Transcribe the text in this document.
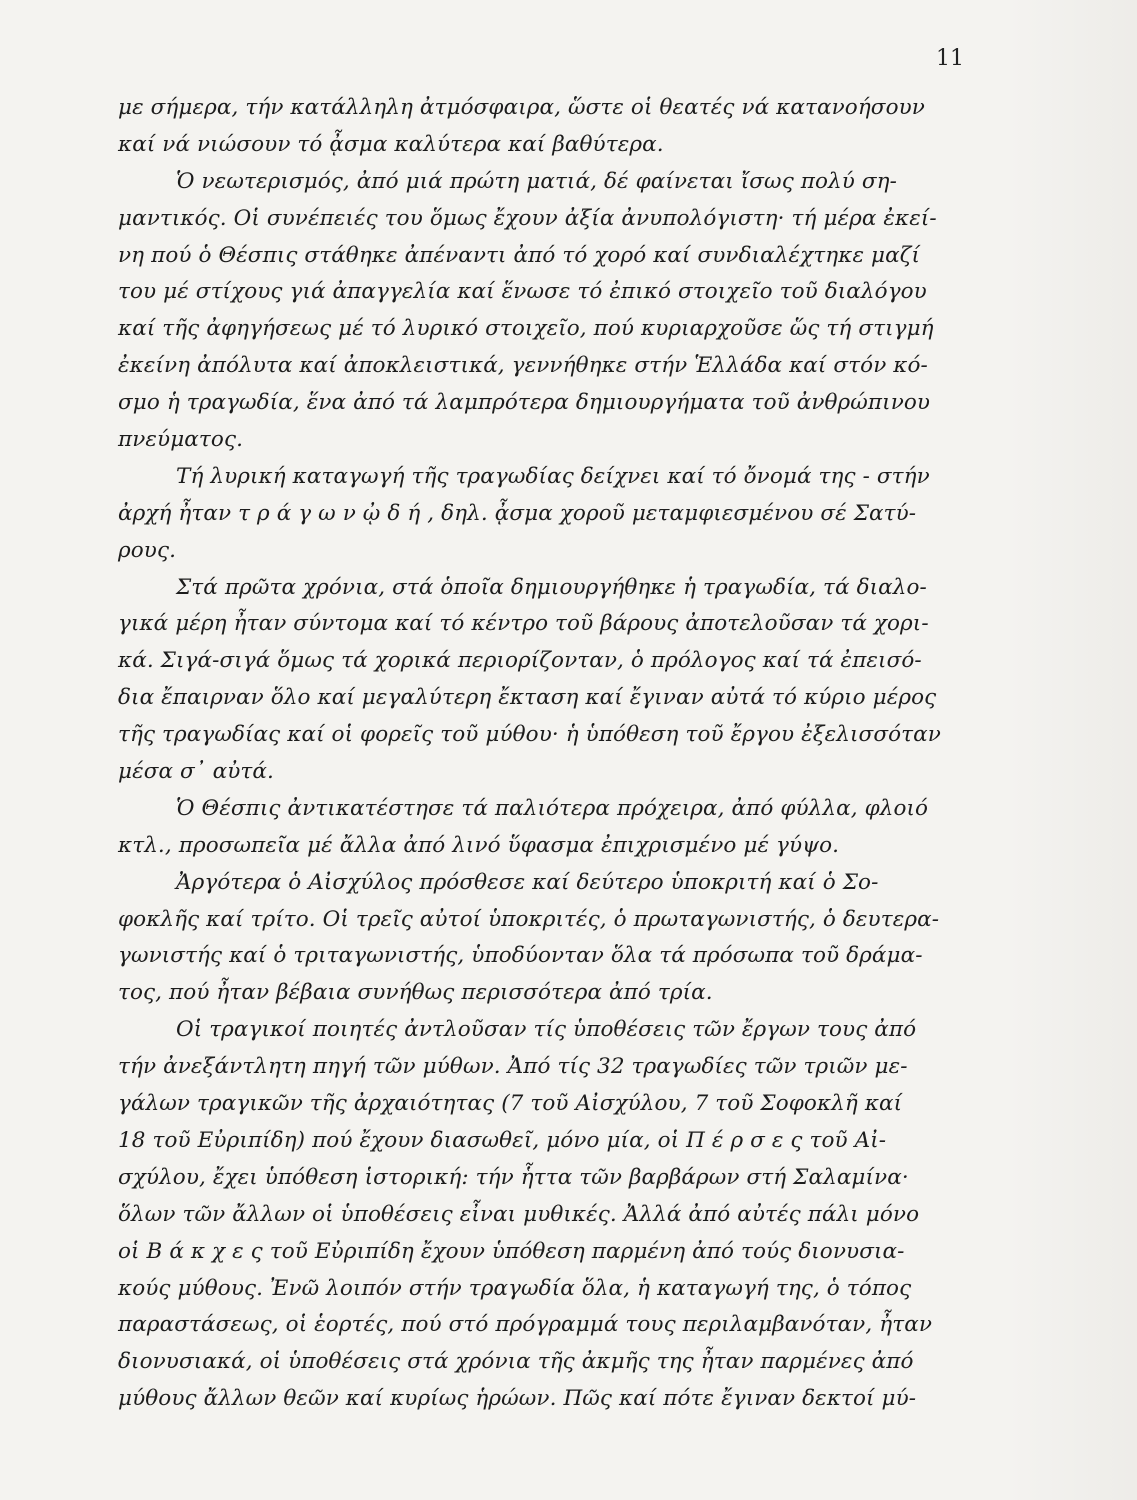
11
με σήμερα, τήν κατάλληλη ἀτμόσφαιρα, ὥστε οἱ θεατές νά κατανοήσουν
καί νά νιώσουν τό ᾆσμα καλύτερα καί βαθύτερα.
Ὁ νεωτερισμός, ἀπό μιά πρώτη ματιά, δέ φαίνεται ἴσως πολύ ση-
μαντικός. Οἱ συνέπειές του ὅμως ἔχουν ἀξία ἀνυπολόγιστη· τή μέρα ἐκεί-
νη πού ὁ Θέσπις στάθηκε ἀπέναντι ἀπό τό χορό καί συνδιαλέχτηκε μαζί
του μέ στίχους γιά ἀπαγγελία καί ἕνωσε τό ἐπικό στοιχεῖο τοῦ διαλόγου
καί τῆς ἀφηγήσεως μέ τό λυρικό στοιχεῖο, πού κυριαρχοῦσε ὥς τή στιγμή
ἐκείνη ἀπόλυτα καί ἀποκλειστικά, γεννήθηκε στήν Ἑλλάδα καί στόν κό-
σμο ἡ τραγωδία, ἕνα ἀπό τά λαμπρότερα δημιουργήματα τοῦ ἀνθρώπινου
πνεύματος.
Τή λυρική καταγωγή τῆς τραγωδίας δείχνει καί τό ὄνομά της - στήν
ἀρχή ἦταν τ ρ ά γ ω ν ᾠ δ ή , δηλ. ᾆσμα χοροῦ μεταμφιεσμένου σέ Σατύ-
ρους.
Στά πρῶτα χρόνια, στά ὁποῖα δημιουργήθηκε ἡ τραγωδία, τά διαλο-
γικά μέρη ἦταν σύντομα καί τό κέντρο τοῦ βάρους ἀποτελοῦσαν τά χορι-
κά. Σιγά-σιγά ὅμως τά χορικά περιορίζονταν, ὁ πρόλογος καί τά ἐπεισό-
δια ἔπαιρναν ὅλο καί μεγαλύτερη ἔκταση καί ἔγιναν αὐτά τό κύριο μέρος
τῆς τραγωδίας καί οἱ φορεῖς τοῦ μύθου· ἡ ὑπόθεση τοῦ ἔργου ἐξελισσόταν
μέσα σ᾿ αὐτά.
Ὁ Θέσπις ἀντικατέστησε τά παλιότερα πρόχειρα, ἀπό φύλλα, φλοιό
κτλ., προσωπεῖα μέ ἄλλα ἀπό λινό ὕφασμα ἐπιχρισμένο μέ γύψο.
Ἀργότερα ὁ Αἰσχύλος πρόσθεσε καί δεύτερο ὑποκριτή καί ὁ Σο-
φοκλῆς καί τρίτο. Οἱ τρεῖς αὐτοί ὑποκριτές, ὁ πρωταγωνιστής, ὁ δευτερα-
γωνιστής καί ὁ τριταγωνιστής, ὑποδύονταν ὅλα τά πρόσωπα τοῦ δράμα-
τος, πού ἦταν βέβαια συνήθως περισσότερα ἀπό τρία.
Οἱ τραγικοί ποιητές ἀντλοῦσαν τίς ὑποθέσεις τῶν ἔργων τους ἀπό
τήν ἀνεξάντλητη πηγή τῶν μύθων. Ἀπό τίς 32 τραγωδίες τῶν τριῶν με-
γάλων τραγικῶν τῆς ἀρχαιότητας (7 τοῦ Αἰσχύλου, 7 τοῦ Σοφοκλῆ καί
18 τοῦ Εὐριπίδη) πού ἔχουν διασωθεῖ, μόνο μία, οἱ Π έ ρ σ ε ς τοῦ Αἰ-
σχύλου, ἔχει ὑπόθεση ἱστορική: τήν ἧττα τῶν βαρβάρων στή Σαλαμίνα·
ὅλων τῶν ἄλλων οἱ ὑποθέσεις εἶναι μυθικές. Ἀλλά ἀπό αὐτές πάλι μόνο
οἱ Β ά κ χ ε ς τοῦ Εὐριπίδη ἔχουν ὑπόθεση παρμένη ἀπό τούς διονυσια-
κούς μύθους. Ἐνῶ λοιπόν στήν τραγωδία ὅλα, ἡ καταγωγή της, ὁ τόπος
παραστάσεως, οἱ ἑορτές, πού στό πρόγραμμά τους περιλαμβανόταν, ἦταν
διονυσιακά, οἱ ὑποθέσεις στά χρόνια τῆς ἀκμῆς της ἦταν παρμένες ἀπό
μύθους ἄλλων θεῶν καί κυρίως ἡρώων. Πῶς καί πότε ἔγιναν δεκτοί μύ-
